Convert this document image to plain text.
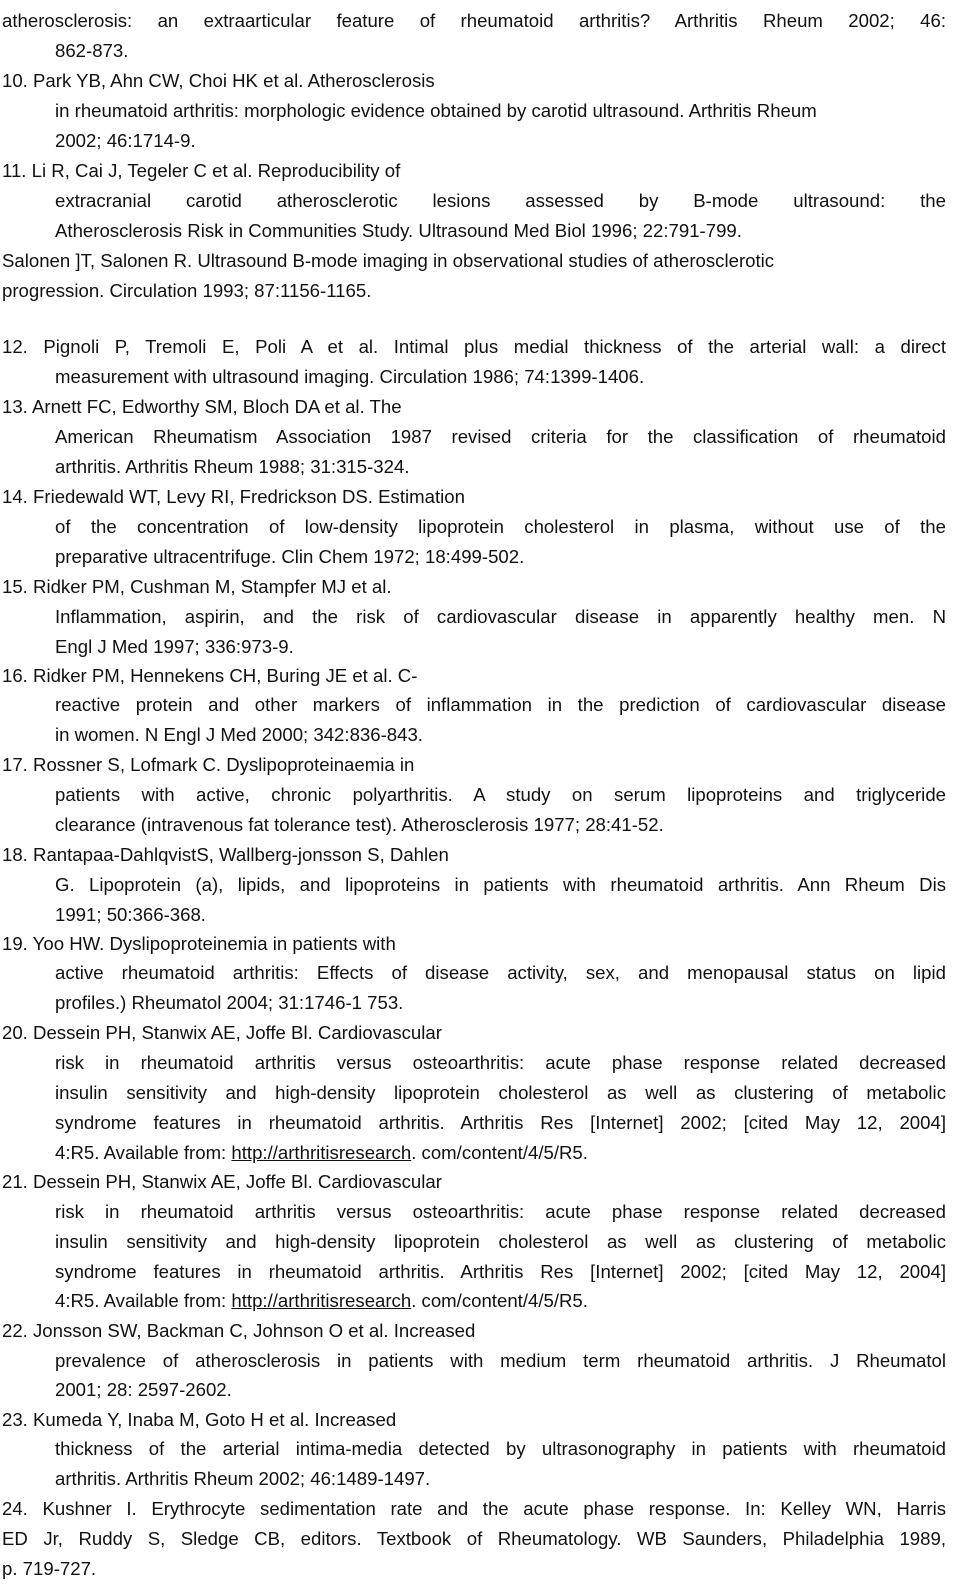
atherosclerosis: an extraarticular feature of rheumatoid arthritis? Arthritis Rheum 2002; 46:
862-873.
10. Park YB, Ahn CW, Choi HK et al. Atherosclerosis
in rheumatoid arthritis: morphologic evidence obtained by carotid ultrasound. Arthritis Rheum
2002; 46:1714-9.
11. Li R, Cai J, Tegeler C et al. Reproducibility of
extracranial carotid atherosclerotic lesions assessed by B-mode ultrasound: the
Atherosclerosis Risk in Communities Study. Ultrasound Med Biol 1996; 22:791-799.
Salonen ]T, Salonen R. Ultrasound B-mode imaging in observational studies of atherosclerotic
progression. Circulation 1993; 87:1156-1165.
12. Pignoli P, Tremoli E, Poli A et al. Intimal plus medial thickness of the arterial wall: a direct
measurement with ultrasound imaging. Circulation 1986; 74:1399-1406.
13. Arnett FC, Edworthy SM, Bloch DA et al. The
American Rheumatism Association 1987 revised criteria for the classification of rheumatoid
arthritis. Arthritis Rheum 1988; 31:315-324.
14. Friedewald WT, Levy RI, Fredrickson DS. Estimation
of the concentration of low-density lipoprotein cholesterol in plasma, without use of the
preparative ultracentrifuge. Clin Chem 1972; 18:499-502.
15. Ridker PM, Cushman M, Stampfer MJ et al.
Inflammation, aspirin, and the risk of cardiovascular disease in apparently healthy men. N
Engl J Med 1997; 336:973-9.
16. Ridker PM, Hennekens CH, Buring JE et al. C-
reactive protein and other markers of inflammation in the prediction of cardiovascular disease
in women. N Engl J Med 2000; 342:836-843.
17. Rossner S, Lofmark C. Dyslipoproteinaemia in
patients with active, chronic polyarthritis. A study on serum lipoproteins and triglyceride
clearance (intravenous fat tolerance test). Atherosclerosis 1977; 28:41-52.
18. Rantapaa-DahlqvistS, Wallberg-jonsson S, Dahlen
G. Lipoprotein (a), lipids, and lipoproteins in patients with rheumatoid arthritis. Ann Rheum Dis
1991; 50:366-368.
19. Yoo HW. Dyslipoproteinemia in patients with
active rheumatoid arthritis: Effects of disease activity, sex, and menopausal status on lipid
profiles.) Rheumatol 2004; 31:1746-1 753.
20. Dessein PH, Stanwix AE, Joffe Bl. Cardiovascular
risk in rheumatoid arthritis versus osteoarthritis: acute phase response related decreased
insulin sensitivity and high-density lipoprotein cholesterol as well as clustering of metabolic
syndrome features in rheumatoid arthritis. Arthritis Res [Internet] 2002; [cited May 12, 2004]
4:R5. Available from: http://arthritisresearch. com/content/4/5/R5.
21. Dessein PH, Stanwix AE, Joffe Bl. Cardiovascular
risk in rheumatoid arthritis versus osteoarthritis: acute phase response related decreased
insulin sensitivity and high-density lipoprotein cholesterol as well as clustering of metabolic
syndrome features in rheumatoid arthritis. Arthritis Res [Internet] 2002; [cited May 12, 2004]
4:R5. Available from: http://arthritisresearch. com/content/4/5/R5.
22. Jonsson SW, Backman C, Johnson O et al. Increased
prevalence of atherosclerosis in patients with medium term rheumatoid arthritis. J Rheumatol
2001; 28: 2597-2602.
23. Kumeda Y, Inaba M, Goto H et al. Increased
thickness of the arterial intima-media detected by ultrasonography in patients with rheumatoid
arthritis. Arthritis Rheum 2002; 46:1489-1497.
24. Kushner I. Erythrocyte sedimentation rate and the acute phase response. In: Kelley WN, Harris
ED Jr, Ruddy S, Sledge CB, editors. Textbook of Rheumatology. WB Saunders, Philadelphia 1989,
p. 719-727.
